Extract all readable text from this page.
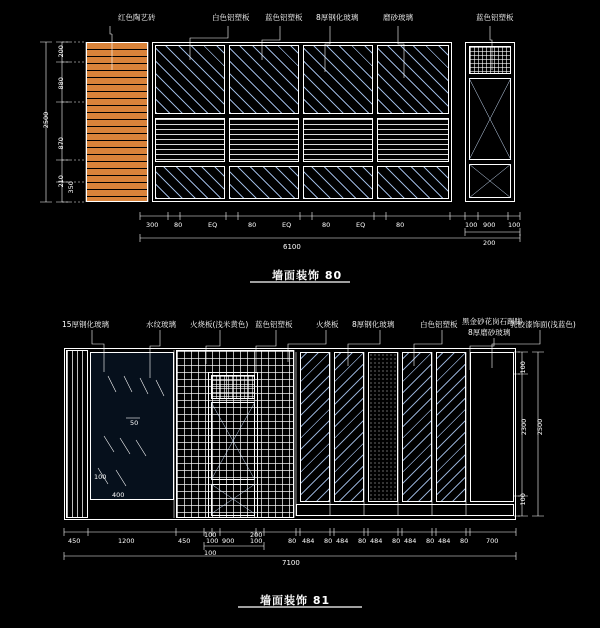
红色陶艺砖	白色铝塑板 蓝色铝塑板 8厚钢化玻璃	磨砂玻璃	蓝色铝塑板
200
880
2500
870
210 350
300 80	EQ	80	EQ	80	EQ	80	100 900 100
6100	200
墙面装饰 80
15厚钢化玻璃	水纹玻璃 火烧板(浅米黄色) 蓝色铝塑板	火烧板 8厚钢化玻璃	白色铝塑板 黑金砂花岗石踢脚
8厚磨砂玻璃
乳胶漆饰面(浅蓝色)
50
100
400
100
2300 2500
100
450	1200	450
100
100 900 100	80 484 80 484 80 484 80 484 80 484 80	700
100
200
7100
墙面装饰 81
